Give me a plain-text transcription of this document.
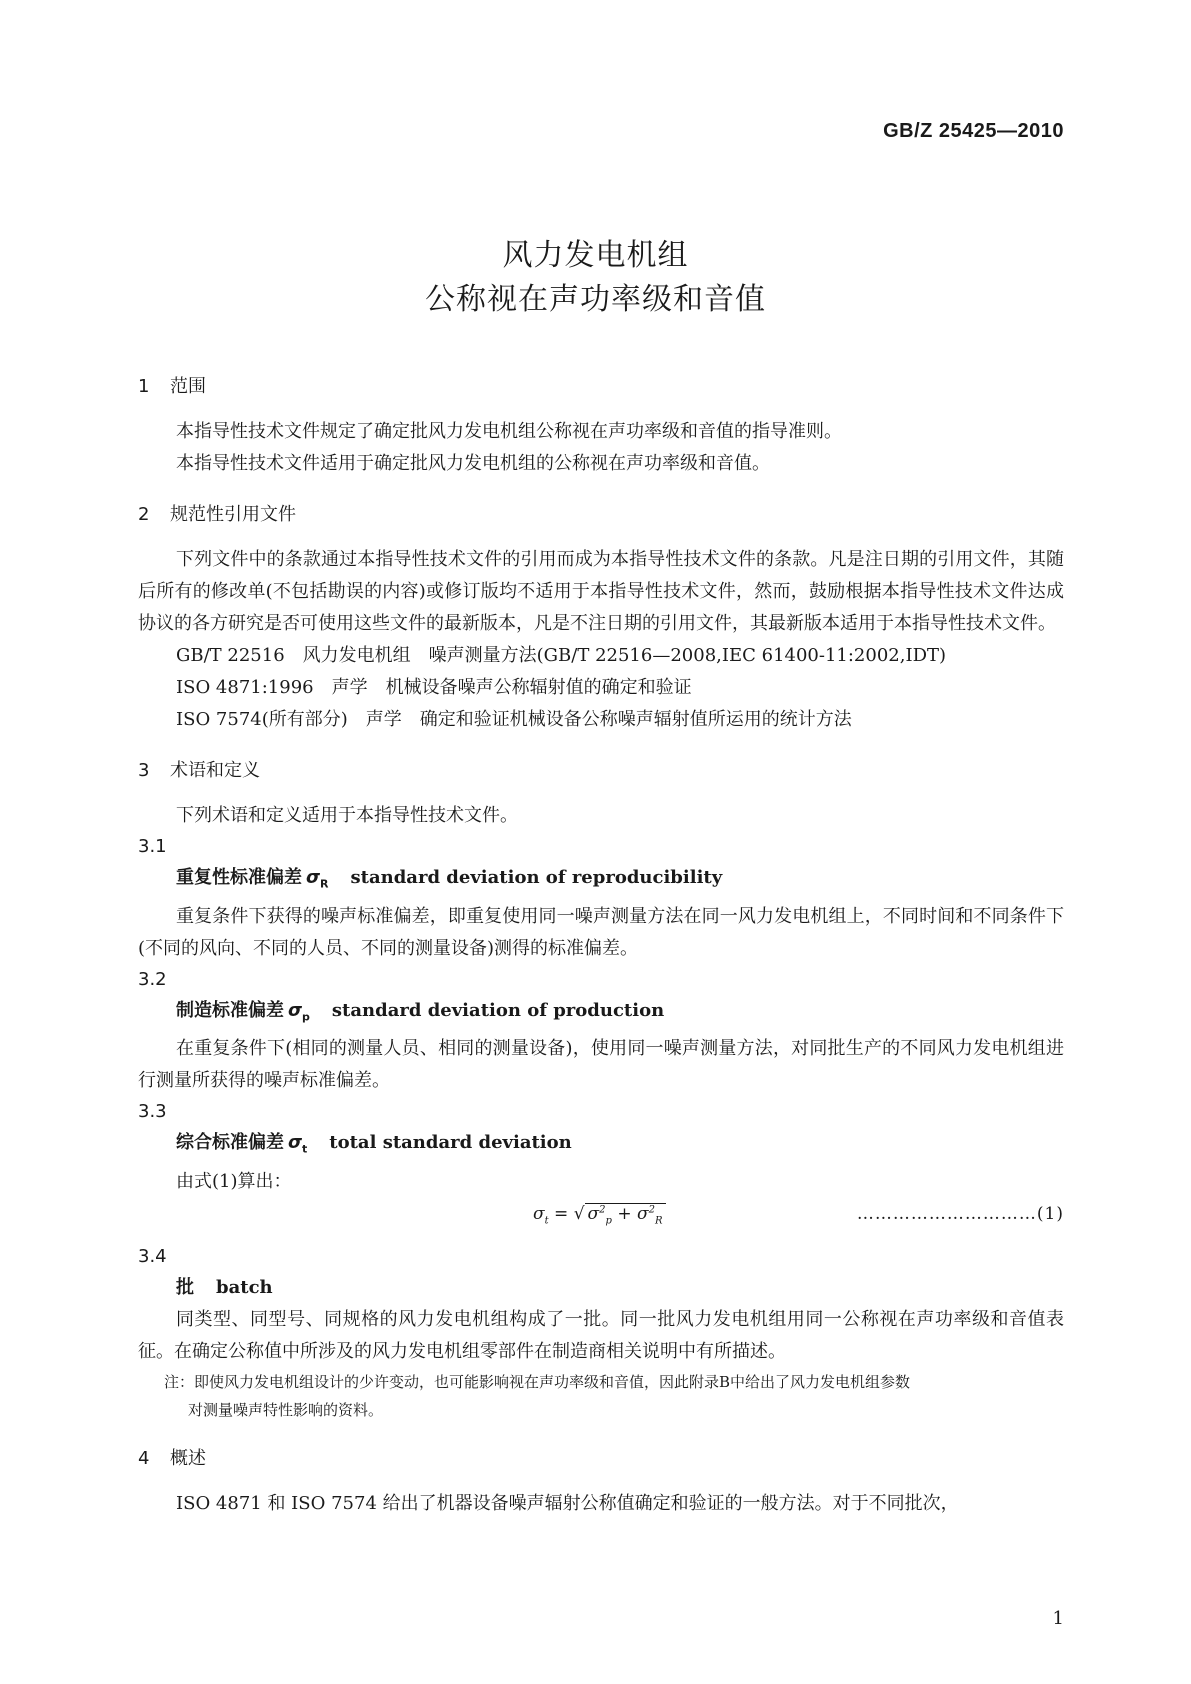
GB/Z 25425—2010
风力发电机组
公称视在声功率级和音值
1 范围

本指导性技术文件规定了确定批风力发电机组公称视在声功率级和音值的指导准则。

本指导性技术文件适用于确定批风力发电机组的公称视在声功率级和音值。

2 规范性引用文件

下列文件中的条款通过本指导性技术文件的引用而成为本指导性技术文件的条款。凡是注日期的引用文件，其随后所有的修改单(不包括勘误的内容)或修订版均不适用于本指导性技术文件，然而，鼓励根据本指导性技术文件达成协议的各方研究是否可使用这些文件的最新版本，凡是不注日期的引用文件，其最新版本适用于本指导性技术文件。

GB/T 22516　风力发电机组　噪声测量方法(GB/T 22516—2008,IEC 61400-11:2002,IDT)
ISO 4871:1996　声学　机械设备噪声公称辐射值的确定和验证
ISO 7574(所有部分)　声学　确定和验证机械设备公称噪声辐射值所运用的统计方法
3 术语和定义

下列术语和定义适用于本指导性技术文件。

3.1
重复性标准偏差 $\sigma_R$ standard deviation of reproducibility

重复条件下获得的噪声标准偏差，即重复使用同一噪声测量方法在同一风力发电机组上，不同时间和不同条件下(不同的风向、不同的人员、不同的测量设备)测得的标准偏差。

3.2
制造标准偏差 $\sigma_p$ standard deviation of production

在重复条件下(相同的测量人员、相同的测量设备)，使用同一噪声测量方法，对同批生产的不同风力发电机组进行测量所获得的噪声标准偏差。

3.3
综合标准偏差 $\sigma_t$ total standard deviation

由式(1)算出：

$\sigma_t$ = √ $\sigma^2_p + \sigma^2_R$	…………………………(1)
3.4
批 batch

同类型、同型号、同规格的风力发电机组构成了一批。同一批风力发电机组用同一公称视在声功率级和音值表征。在确定公称值中所涉及的风力发电机组零部件在制造商相关说明中有所描述。

注：即使风力发电机组设计的少许变动，也可能影响视在声功率级和音值，因此附录B中给出了风力发电机组参数
对测量噪声特性影响的资料。
4 概述

ISO 4871 和 ISO 7574 给出了机器设备噪声辐射公称值确定和验证的一般方法。对于不同批次，

1
